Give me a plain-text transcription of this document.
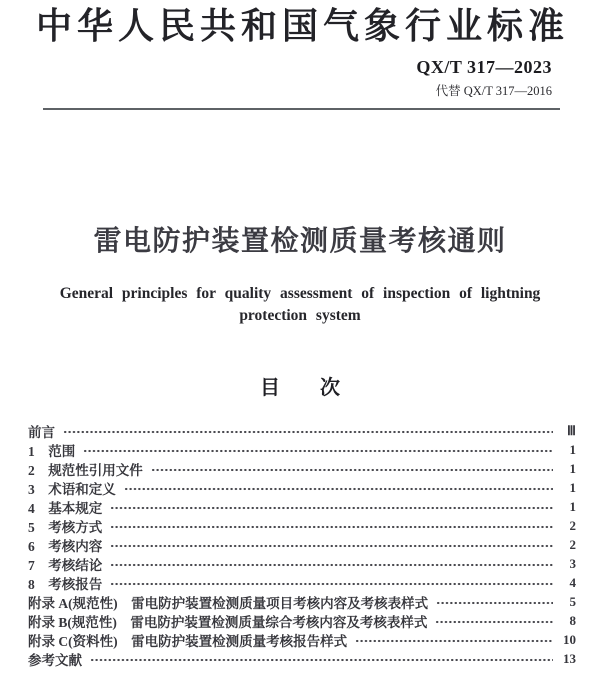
中华人民共和国气象行业标准
QX/T 317—2023
代替 QX/T 317—2016
雷电防护装置检测质量考核通则
General principles for quality assessment of inspection of lightning
protection system
目　　次
前言	Ⅲ
1　范围	1
2　规范性引用文件	1
3　术语和定义	1
4　基本规定	1
5　考核方式	2
6　考核内容	2
7　考核结论	3
8　考核报告	4
附录 A(规范性)　雷电防护装置检测质量项目考核内容及考核表样式	5
附录 B(规范性)　雷电防护装置检测质量综合考核内容及考核表样式	8
附录 C(资料性)　雷电防护装置检测质量考核报告样式	10
参考文献	13
